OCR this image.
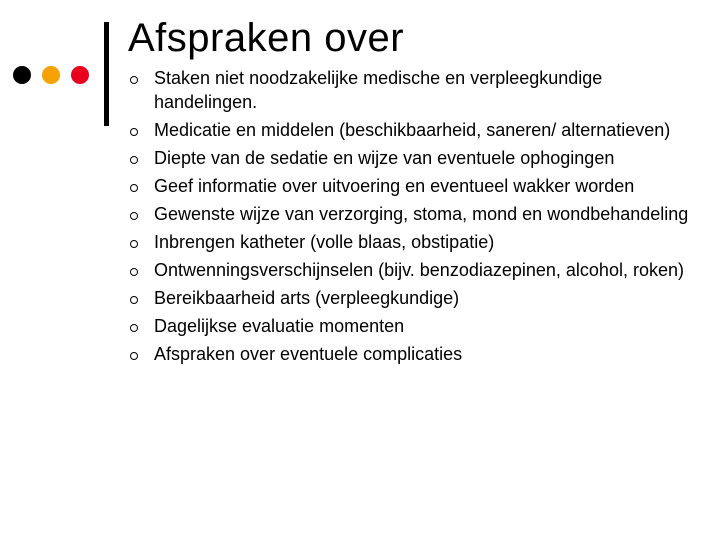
Afspraken over
Staken niet noodzakelijke medische en verpleegkundige handelingen.
Medicatie en middelen (beschikbaarheid, saneren/ alternatieven)
Diepte van de sedatie en wijze van eventuele ophogingen
Geef informatie over uitvoering en eventueel wakker worden
Gewenste wijze van verzorging, stoma, mond en wondbehandeling
Inbrengen katheter (volle blaas, obstipatie)
Ontwenningsverschijnselen (bijv. benzodiazepinen, alcohol, roken)
Bereikbaarheid arts (verpleegkundige)
Dagelijkse evaluatie momenten
Afspraken over eventuele complicaties
